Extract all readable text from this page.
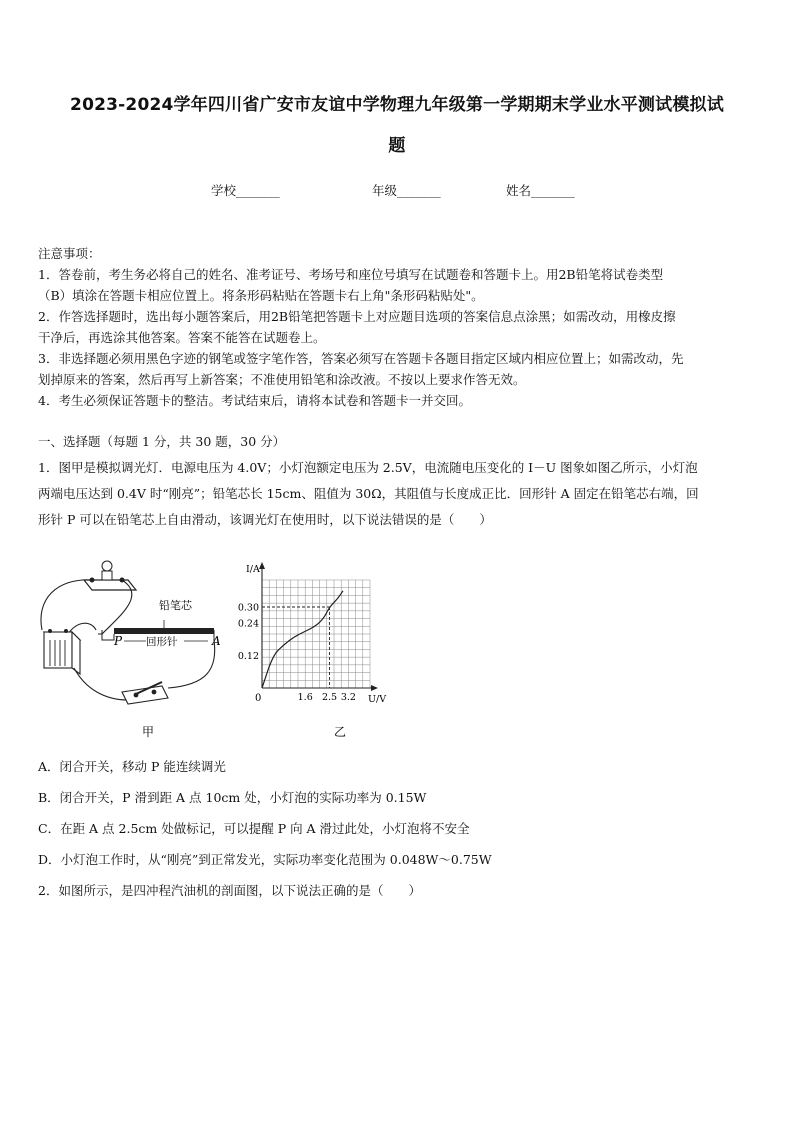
2023-2024学年四川省广安市友谊中学物理九年级第一学期期末学业水平测试模拟试
题
学校_______	年级_______	姓名_______

注意事项：

1．答卷前，考生务必将自己的姓名、准考证号、考场号和座位号填写在试题卷和答题卡上。用2B铅笔将试卷类型

（B）填涂在答题卡相应位置上。将条形码粘贴在答题卡右上角"条形码粘贴处"。

2．作答选择题时，选出每小题答案后，用2B铅笔把答题卡上对应题目选项的答案信息点涂黑；如需改动，用橡皮擦

干净后，再选涂其他答案。答案不能答在试题卷上。

3．非选择题必须用黑色字迹的钢笔或签字笔作答，答案必须写在答题卡各题目指定区域内相应位置上；如需改动，先

划掉原来的答案，然后再写上新答案；不准使用铅笔和涂改液。不按以上要求作答无效。

4．考生必须保证答题卡的整洁。考试结束后，请将本试卷和答题卡一并交回。

一、选择题（每题 1 分，共 30 题，30 分）

1．图甲是模拟调光灯．电源电压为 4.0V；小灯泡额定电压为 2.5V，电流随电压变化的 I－U 图象如图乙所示，小灯泡

两端电压达到 0.4V 时“刚亮”；铅笔芯长 15cm、阻值为 30Ω，其阻值与长度成正比．回形针 A 固定在铅笔芯右端，回

形针 P 可以在铅笔芯上自由滑动，该调光灯在使用时，以下说法错误的是（　　）

铅笔芯
P	A
回形针
甲
0.30
0.24
0.12
1.6 2.5 3.2
I/A
U/V
0
乙
A．闭合开关，移动 P 能连续调光
B．闭合开关，P 滑到距 A 点 10cm 处，小灯泡的实际功率为 0.15W
C．在距 A 点 2.5cm 处做标记，可以提醒 P 向 A 滑过此处，小灯泡将不安全
D．小灯泡工作时，从“刚亮”到正常发光，实际功率变化范围为 0.048W～0.75W
2．如图所示，是四冲程汽油机的剖面图，以下说法正确的是（　　）
